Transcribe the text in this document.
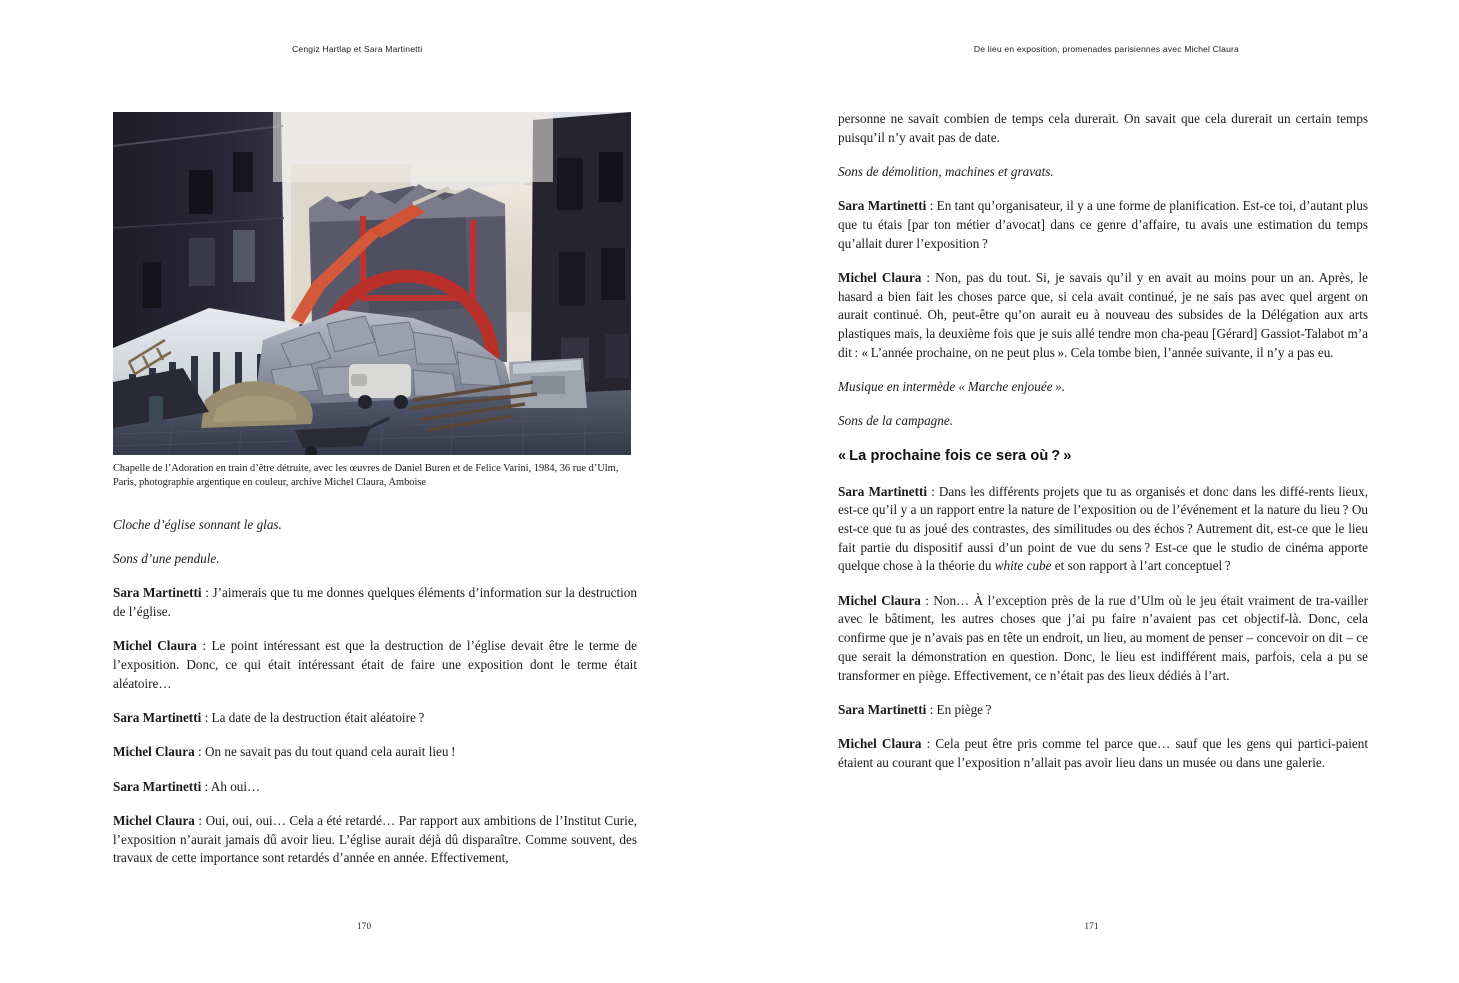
Cengiz Hartlap et Sara Martinetti

Chapelle de l’Adoration en train d’être détruite, avec les œuvres de Daniel Buren et de Felice Varini, 1984, 36 rue d’Ulm, Paris, photographie argentique en couleur, archive Michel Claura, Amboise

Cloche d’église sonnant le glas.

Sons d’une pendule.

Sara Martinetti : J’aimerais que tu me donnes quelques éléments d’information sur la destruction de l’église.

Michel Claura : Le point intéressant est que la destruction de l’église devait être le terme de l’exposition. Donc, ce qui était intéressant était de faire une exposition dont le terme était aléatoire…

Sara Martinetti : La date de la destruction était aléatoire ?

Michel Claura : On ne savait pas du tout quand cela aurait lieu !

Sara Martinetti : Ah oui…

Michel Claura : Oui, oui, oui… Cela a été retardé… Par rapport aux ambitions de l’Institut Curie, l’exposition n’aurait jamais dû avoir lieu. L’église aurait déjà dû disparaître. Comme souvent, des travaux de cette importance sont retardés d’année en année. Effectivement,

170
De lieu en exposition, promenades parisiennes avec Michel Claura

personne ne savait combien de temps cela durerait. On savait que cela durerait un certain temps puisqu’il n’y avait pas de date.

Sons de démolition, machines et gravats.

Sara Martinetti : En tant qu’organisateur, il y a une forme de planification. Est-ce toi, d’autant plus que tu étais [par ton métier d’avocat] dans ce genre d’affaire, tu avais une estimation du temps qu’allait durer l’exposition ?

Michel Claura : Non, pas du tout. Si, je savais qu’il y en avait au moins pour un an. Après, le hasard a bien fait les choses parce que, si cela avait continué, je ne sais pas avec quel argent on aurait continué. Oh, peut-être qu’on aurait eu à nouveau des subsides de la Délégation aux arts plastiques mais, la deuxième fois que je suis allé tendre mon cha-peau [Gérard] Gassiot-Talabot m’a dit : « L’année prochaine, on ne peut plus ». Cela tombe bien, l’année suivante, il n’y a pas eu.

Musique en intermède « Marche enjouée ».

Sons de la campagne.

« La prochaine fois ce sera où ? »

Sara Martinetti : Dans les différents projets que tu as organisés et donc dans les diffé-rents lieux, est-ce qu’il y a un rapport entre la nature de l’exposition ou de l’événement et la nature du lieu ? Ou est-ce que tu as joué des contrastes, des similitudes ou des échos ? Autrement dit, est-ce que le lieu fait partie du dispositif aussi d’un point de vue du sens ? Est-ce que le studio de cinéma apporte quelque chose à la théorie du white cube et son rapport à l’art conceptuel ?

Michel Claura : Non… À l’exception près de la rue d’Ulm où le jeu était vraiment de tra-vailler avec le bâtiment, les autres choses que j’ai pu faire n’avaient pas cet objectif-là. Donc, cela confirme que je n’avais pas en tête un endroit, un lieu, au moment de penser – concevoir on dit – ce que serait la démonstration en question. Donc, le lieu est indifférent mais, parfois, cela a pu se transformer en piège. Effectivement, ce n’était pas des lieux dédiés à l’art.

Sara Martinetti : En piège ?

Michel Claura : Cela peut être pris comme tel parce que… sauf que les gens qui partici-paient étaient au courant que l’exposition n’allait pas avoir lieu dans un musée ou dans une galerie.

171
